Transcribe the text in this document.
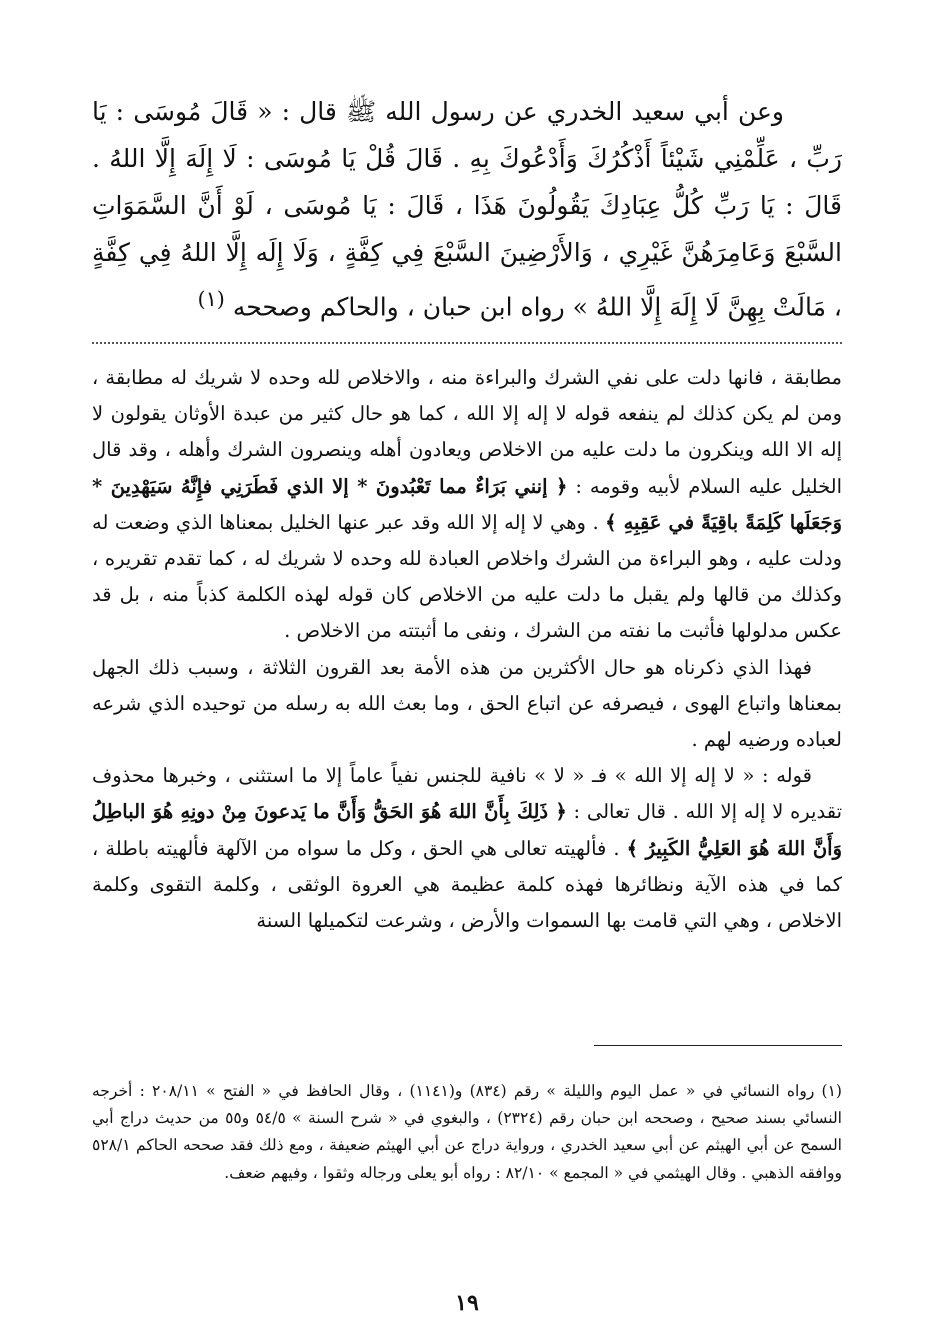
وعن أبي سعيد الخدري عن رسول الله ﷺ قال : « قَالَ مُوسَى : يَا رَبِّ ، عَلِّمْنِي شَيْئاً أَذْكُرُكَ وَأَدْعُوكَ بِهِ . قَالَ قُلْ يَا مُوسَى : لَا إِلَهَ إِلَّا اللهُ . قَالَ : يَا رَبِّ كُلُّ عِبَادِكَ يَقُولُونَ هَذَا ، قَالَ : يَا مُوسَى ، لَوْ أَنَّ السَّمَوَاتِ السَّبْعَ وَعَامِرَهُنَّ غَيْرِي ، وَالأَرْضِينَ السَّبْعَ فِي كِفَّةٍ ، وَلَا إِلَه إِلَّا اللهُ فِي كِفَّةٍ ، مَالَتْ بِهِنَّ لَا إِلَهَ إِلَّا اللهُ » رواه ابن حبان ، والحاكم وصححه $^{(١)}$

مطابقة ، فانها دلت على نفي الشرك والبراءة منه ، والاخلاص لله وحده لا شريك له مطابقة ، ومن لم يكن كذلك لم ينفعه قوله لا إله إلا الله ، كما هو حال كثير من عبدة الأوثان يقولون لا إله الا الله وينكرون ما دلت عليه من الاخلاص ويعادون أهله وينصرون الشرك وأهله ، وقد قال الخليل عليه السلام لأبيه وقومه : ﴿ إنني بَرَاءٌ مما تَعْبُدونَ * إلا الذي فَطَرَنِي فإِنَّهُ سَيَهْدِينَ * وَجَعَلَها كَلِمَةً باقِيَةً في عَقِبِهِ ﴾ . وهي لا إله إلا الله وقد عبر عنها الخليل بمعناها الذي وضعت له ودلت عليه ، وهو البراءة من الشرك واخلاص العبادة لله وحده لا شريك له ، كما تقدم تقريره ، وكذلك من قالها ولم يقبل ما دلت عليه من الاخلاص كان قوله لهذه الكلمة كذباً منه ، بل قد عكس مدلولها فأثبت ما نفته من الشرك ، ونفى ما أثبتته من الاخلاص .

فهذا الذي ذكرناه هو حال الأكثرين من هذه الأمة بعد القرون الثلاثة ، وسبب ذلك الجهل بمعناها واتباع الهوى ، فيصرفه عن اتباع الحق ، وما بعث الله به رسله من توحيده الذي شرعه لعباده ورضيه لهم .

قوله : « لا إله إلا الله » فـ « لا » نافية للجنس نفياً عاماً إلا ما استثنى ، وخبرها محذوف تقديره لا إله إلا الله . قال تعالى : ﴿ ذَلِكَ بِأَنَّ اللهَ هُوَ الحَقُّ وَأَنَّ ما يَدعونَ مِنْ دونِهِ هُوَ الباطِلُ وَأَنَّ اللهَ هُوَ العَلِيُّ الكَبِيرُ ﴾ . فألهيته تعالى هي الحق ، وكل ما سواه من الآلهة فألهيته باطلة ، كما في هذه الآية ونظائرها فهذه كلمة عظيمة هي العروة الوثقى ، وكلمة التقوى وكلمة الاخلاص ، وهي التي قامت بها السموات والأرض ، وشرعت لتكميلها السنة

(١) رواه النسائي في « عمل اليوم والليلة » رقم (٨٣٤) و(١١٤١) ، وقال الحافظ في « الفتح » ٢٠٨/١١ : أخرجه النسائي بسند صحيح ، وصححه ابن حبان رقم (٢٣٢٤) ، والبغوي في « شرح السنة » ٥٤/٥ و٥٥ من حديث دراج أبي السمح عن أبي الهيثم عن أبي سعيد الخدري ، ورواية دراج عن أبي الهيثم ضعيفة ، ومع ذلك فقد صححه الحاكم ٥٢٨/١ ووافقه الذهبي . وقال الهيثمي في « المجمع » ٨٢/١٠ : رواه أبو يعلى ورجاله وثقوا ، وفيهم ضعف.

١٩
